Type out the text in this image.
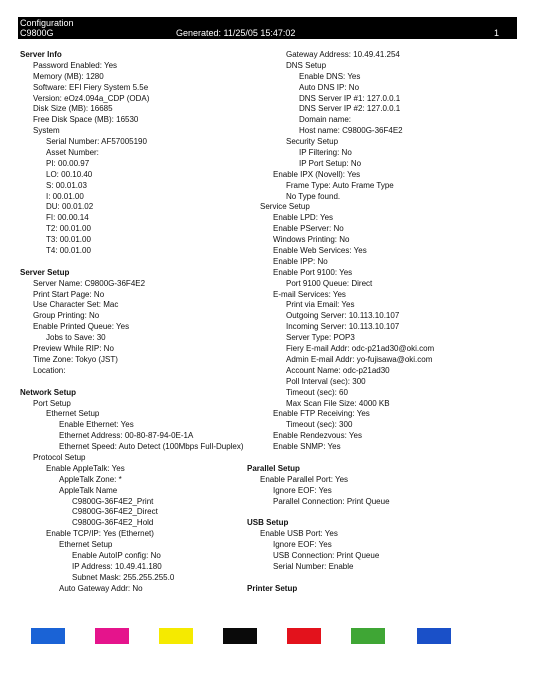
Configuration
C9800G	Generated: 11/25/05 15:47:02	1
Server Info
Password Enabled: Yes
Memory (MB): 1280
Software: EFI Fiery System 5.5e
Version: eOz4.094a_CDP (ODA)
Disk Size (MB): 16685
Free Disk Space (MB): 16530
System
Serial Number: AF57005190
Asset Number:
PI: 00.00.97
LO: 00.10.40
S: 00.01.03
I: 00.01.00
DU: 00.01.02
FI: 00.00.14
T2: 00.01.00
T3: 00.01.00
T4: 00.01.00
Server Setup
Server Name: C9800G-36F4E2
Print Start Page: No
Use Character Set: Mac
Group Printing: No
Enable Printed Queue: Yes
Jobs to Save: 30
Preview While RIP: No
Time Zone: Tokyo (JST)
Location:
Network Setup
Port Setup
Ethernet Setup
Enable Ethernet: Yes
Ethernet Address: 00-80-87-94-0E-1A
Ethernet Speed: Auto Detect (100Mbps Full-Duplex)
Protocol Setup
Enable AppleTalk: Yes
AppleTalk Zone: *
AppleTalk Name
C9800G-36F4E2_Print
C9800G-36F4E2_Direct
C9800G-36F4E2_Hold
Enable TCP/IP: Yes (Ethernet)
Ethernet Setup
Enable AutoIP config: No
IP Address: 10.49.41.180
Subnet Mask: 255.255.255.0
Auto Gateway Addr: No
Gateway Address: 10.49.41.254
DNS Setup
Enable DNS: Yes
Auto DNS IP: No
DNS Server IP #1: 127.0.0.1
DNS Server IP #2: 127.0.0.1
Domain name:
Host name: C9800G-36F4E2
Security Setup
IP Filtering: No
IP Port Setup: No
Enable IPX (Novell): Yes
Frame Type: Auto Frame Type
No Type found.
Service Setup
Enable LPD: Yes
Enable PServer: No
Windows Printing: No
Enable Web Services: Yes
Enable IPP: No
Enable Port 9100: Yes
Port 9100 Queue: Direct
E-mail Services: Yes
Print via Email: Yes
Outgoing Server: 10.113.10.107
Incoming Server: 10.113.10.107
Server Type: POP3
Fiery E-mail Addr: odc-p21ad30@oki.com
Admin E-mail Addr: yo-fujisawa@oki.com
Account Name: odc-p21ad30
Poll Interval (sec): 300
Timeout (sec): 60
Max Scan File Size: 4000 KB
Enable FTP Receiving: Yes
Timeout (sec): 300
Enable Rendezvous: Yes
Enable SNMP: Yes
Parallel Setup
Enable Parallel Port: Yes
Ignore EOF: Yes
Parallel Connection: Print Queue
USB Setup
Enable USB Port: Yes
Ignore EOF: Yes
USB Connection: Print Queue
Serial Number: Enable
Printer Setup
